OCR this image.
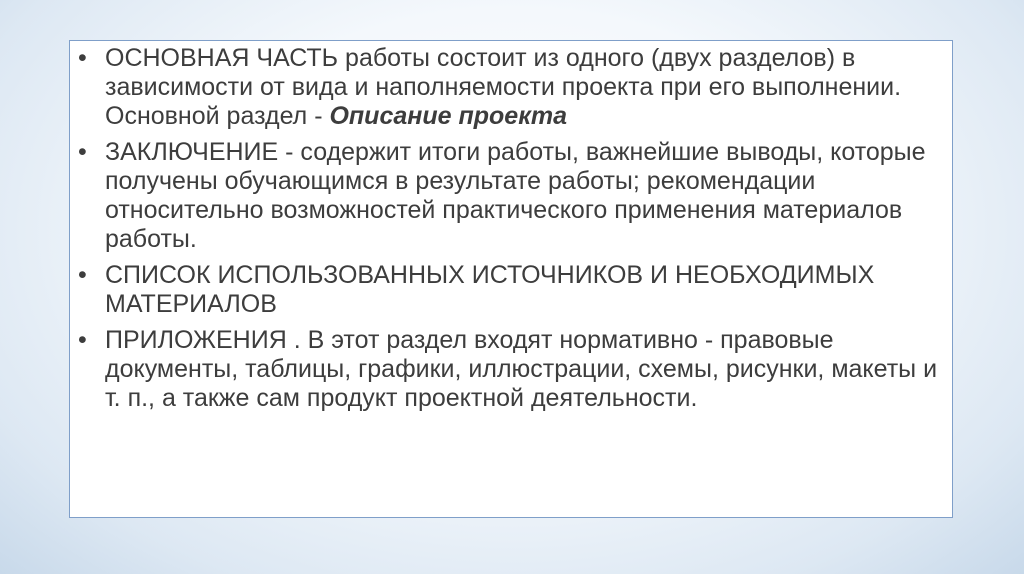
• ОСНОВНАЯ ЧАСТЬ работы состоит из одного (двух разделов) в зависимости от вида и наполняемости проекта при его выполнении. Основной раздел - Описание проекта
• ЗАКЛЮЧЕНИЕ - содержит итоги работы, важнейшие выводы, которые получены обучающимся в результате работы; рекомендации относительно возможностей практического применения материалов работы.
• СПИСОК ИСПОЛЬЗОВАННЫХ ИСТОЧНИКОВ И НЕОБХОДИМЫХ МАТЕРИАЛОВ
• ПРИЛОЖЕНИЯ . В этот раздел входят нормативно - правовые документы, таблицы, графики, иллюстрации, схемы, рисунки, макеты и т. п., а также сам продукт проектной деятельности.
